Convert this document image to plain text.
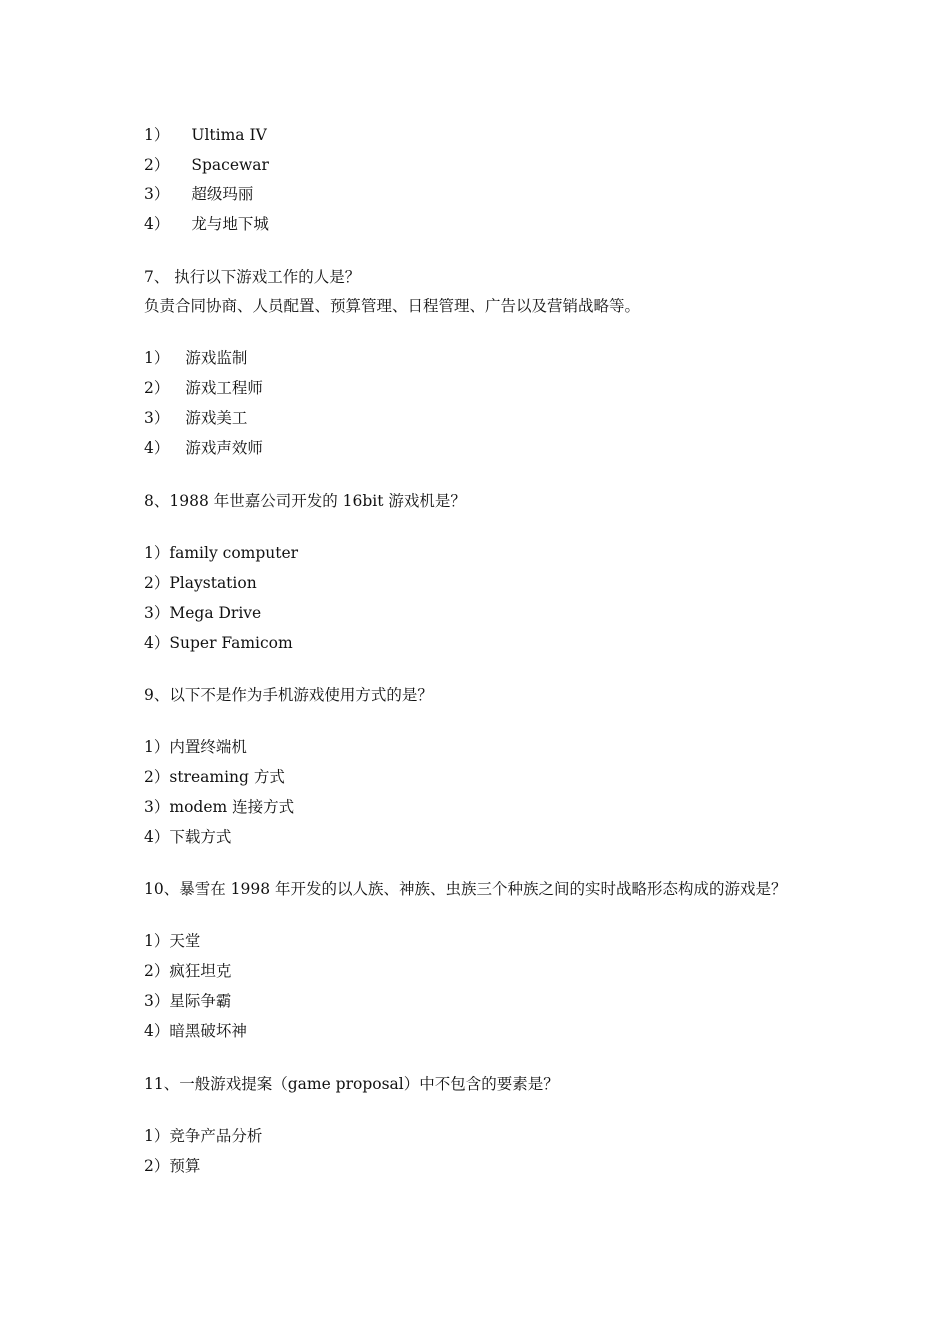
1） Ultima IV
2） Spacewar
3） 超级玛丽
4） 龙与地下城
7、 执行以下游戏工作的人是？
负责合同协商、人员配置、预算管理、日程管理、广告以及营销战略等。
1） 游戏监制
2） 游戏工程师
3） 游戏美工
4） 游戏声效师
8、1988 年世嘉公司开发的 16bit 游戏机是？
1）family computer
2）Playstation
3）Mega Drive
4）Super Famicom
9、以下不是作为手机游戏使用方式的是？
1）内置终端机
2）streaming 方式
3）modem 连接方式
4）下载方式
10、暴雪在 1998 年开发的以人族、神族、虫族三个种族之间的实时战略形态构成的游戏是？
1）天堂
2）疯狂坦克
3）星际争霸
4）暗黑破坏神
11、一般游戏提案（game proposal）中不包含的要素是？
1）竞争产品分析
2）预算
